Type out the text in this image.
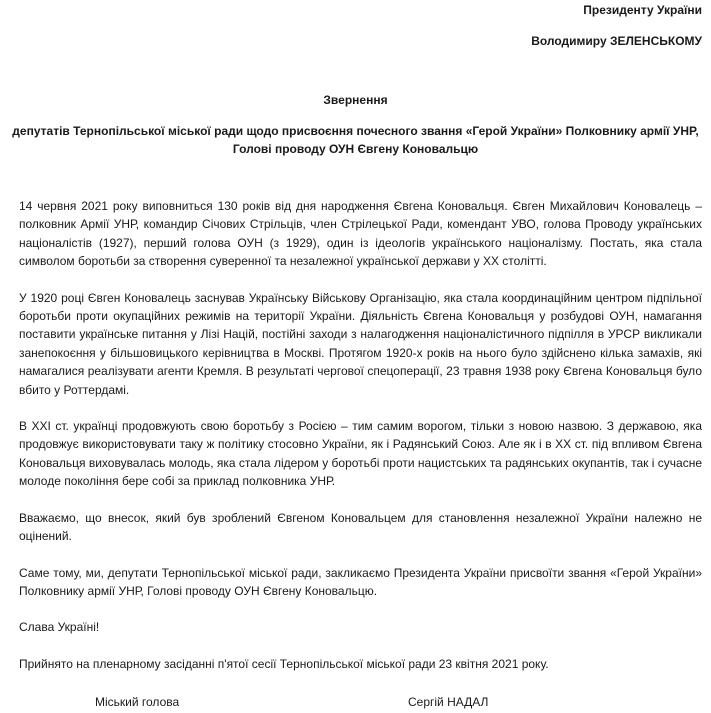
Президенту України
Володимиру ЗЕЛЕНСЬКОМУ
Звернення
депутатів Тернопільської міської ради щодо присвоєння почесного звання «Герой України» Полковнику армії УНР, Голові проводу ОУН Євгену Коновальцю

14 червня 2021 року виповниться 130 років від дня народження Євгена Коновальця. Євген Михайлович Коновалець – полковник Армії УНР, командир Січових Стрільців, член Стрілецької Ради, комендант УВО, голова Проводу українських націоналістів (1927), перший голова ОУН (з 1929), один із ідеологів українського націоналізму. Постать, яка стала символом боротьби за створення суверенної та незалежної української держави у ХХ столітті.

У 1920 році Євген Коновалець заснував Українську Військову Організацію, яка стала координаційним центром підпільної боротьби проти окупаційних режимів на території України. Діяльність Євгена Коновальця у розбудові ОУН, намагання поставити українське питання у Лізі Націй, постійні заходи з налагодження націоналістичного підпілля в УРСР викликали занепокоєння у більшовицького керівництва в Москві. Протягом 1920-х років на нього було здійснено кілька замахів, які намагалися реалізувати агенти Кремля. В результаті чергової спецоперації, 23 травня 1938 року Євгена Коновальця було вбито у Роттердамі.

В ХХІ ст. українці продовжують свою боротьбу з Росією – тим самим ворогом, тільки з новою назвою. З державою, яка продовжує використовувати таку ж політику стосовно України, як і Радянський Союз. Але як і в ХХ ст. під впливом Євгена Коновальця виховувалась молодь, яка стала лідером у боротьбі проти нацистських та радянських окупантів, так і сучасне молоде покоління бере собі за приклад полковника УНР.

Вважаємо, що внесок, який був зроблений Євгеном Коновальцем для становлення незалежної України належно не оцінений.

Саме тому, ми, депутати Тернопільської міської ради, закликаємо Президента України присвоїти звання «Герой України» Полковнику армії УНР, Голові проводу ОУН Євгену Коновальцю.

Слава Україні!

Прийнято на пленарному засіданні п'ятої сесії Тернопільської міської ради 23 квітня 2021 року.

Міський голова	Сергій НАДАЛ
